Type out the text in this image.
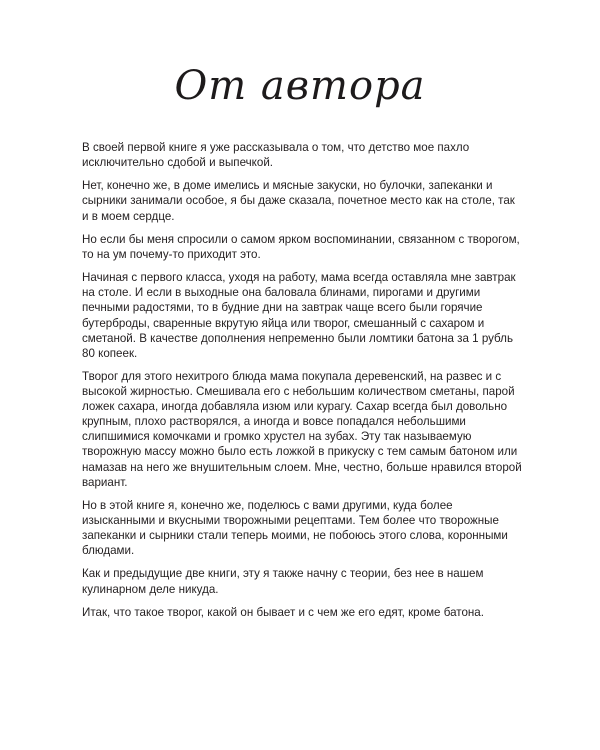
От автора

В своей первой книге я уже рассказывала о том, что детство мое пахло исключительно сдобой и выпечкой.

Нет, конечно же, в доме имелись и мясные закуски, но булочки, запеканки и сырники занимали особое, я бы даже сказала, почетное место как на столе, так и в моем сердце.

Но если бы меня спросили о самом ярком воспоминании, связанном с творогом, то на ум почему-то приходит это.

Начиная с первого класса, уходя на работу, мама всегда оставляла мне завтрак на столе. И если в выходные она баловала блинами, пирогами и другими печными радостями, то в будние дни на завтрак чаще всего были горячие бутерброды, сваренные вкрутую яйца или творог, смешанный с сахаром и сметаной. В качестве дополнения непременно были ломтики батона за 1 рубль 80 копеек.

Творог для этого нехитрого блюда мама покупала деревенский, на развес и с высокой жирностью. Смешивала его с небольшим количеством сметаны, парой ложек сахара, иногда добавляла изюм или курагу. Сахар всегда был довольно крупным, плохо растворялся, а иногда и вовсе попадался небольшими слипшимися комочками и громко хрустел на зубах. Эту так называемую творожную массу можно было есть ложкой в прикуску с тем самым батоном или намазав на него же внушительным слоем. Мне, честно, больше нравился второй вариант.

Но в этой книге я, конечно же, поделюсь с вами другими, куда более изысканными и вкусными творожными рецептами. Тем более что творожные запеканки и сырники стали теперь моими, не побоюсь этого слова, коронными блюдами.

Как и предыдущие две книги, эту я также начну с теории, без нее в нашем кулинарном деле никуда.

Итак, что такое творог, какой он бывает и с чем же его едят, кроме батона.
